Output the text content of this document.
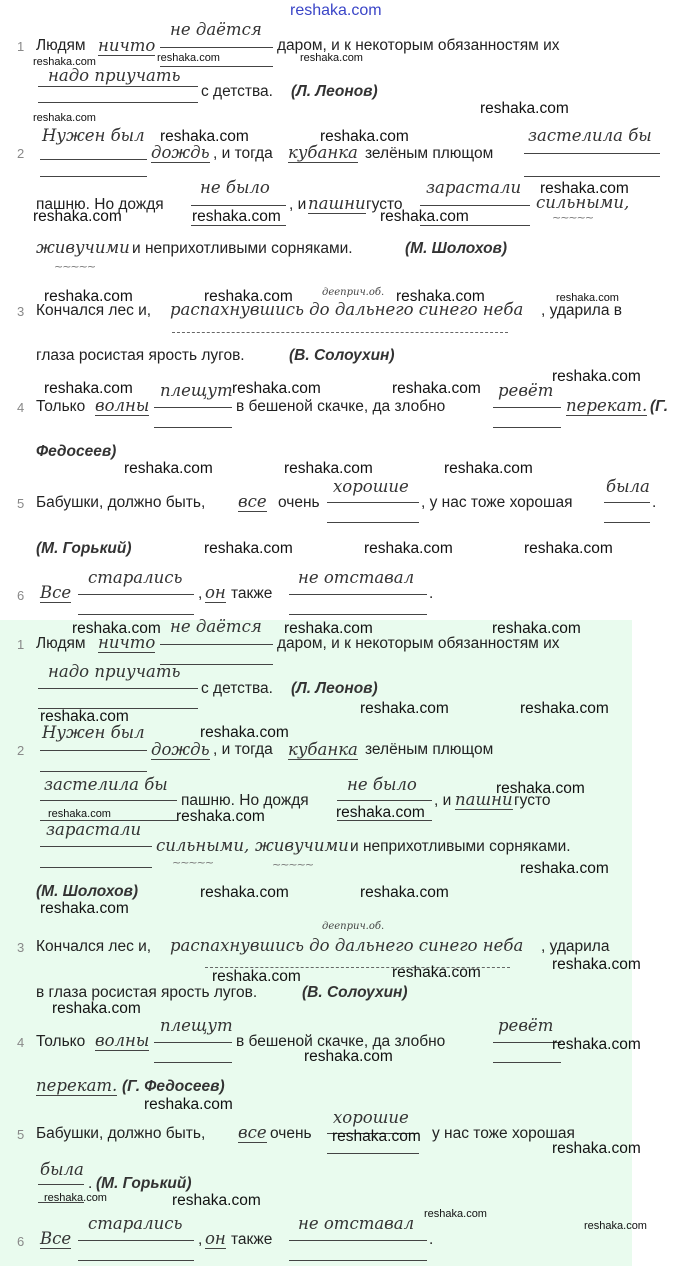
reshaka.com
1 Людям ничто
не даётся
даром, и к некоторым обязанностям их
надо приучать
с детства. (Л. Леонов)
2
Нужен был
дождь , и тогда кубанка зелёным плющом
застелила бы
пашню. Но дождя
не было
, и пашни густо
зарастали
сильными,
~~~~~
живучими
~~~~~
и неприхотливыми сорняками.	(М. Шолохов)
дееприч.об.
3 Кончался лес и, распахнувшись до дальнего синего неба , ударила в
глаза росистая ярость лугов.	(В. Солоухин)
4 Только волны
плещут
в бешеной скачке, да злобно
ревёт
перекат. (Г.
Федосеев)
5 Бабушки, должно быть, все очень
хорошие
, у нас тоже хорошая
была
.
(М. Горький)
6 Все
старались
, он также
не отставал
.
1 Людям ничто
не даётся
даром, и к некоторым обязанностям их
надо приучать
с детства. (Л. Леонов)
2
Нужен был
дождь , и тогда кубанка зелёным плющом
застелила бы
пашню. Но дождя
не было
, и пашни густо
зарастали
сильными,
~~~~~
живучими
~~~~~
и неприхотливыми сорняками.
(М. Шолохов)
дееприч.об.
3 Кончался лес и, распахнувшись до дальнего синего неба , ударила
в глаза росистая ярость лугов.	(В. Солоухин)
4 Только волны
плещут
в бешеной скачке, да злобно
ревёт
перекат. (Г. Федосеев)
5 Бабушки, должно быть, все очень
хорошие
у нас тоже хорошая
была
. (М. Горький)
6 Все
старались
, он также
не отставал
.
reshaka.com	reshaka.com	reshaka.com
reshaka.com
reshaka.com
reshaka.com	reshaka.com
reshaka.com
reshaka.com	reshaka.com	reshaka.com
reshaka.com	reshaka.com	reshaka.com	reshaka.com
reshaka.com
reshaka.com	reshaka.com	reshaka.com
reshaka.com	reshaka.com	reshaka.com
reshaka.com	reshaka.com	reshaka.com
reshaka.com	reshaka.com	reshaka.com
reshaka.com	reshaka.com
reshaka.com
reshaka.com
reshaka.com
reshaka.com	reshaka.com	reshaka.com
reshaka.com
reshaka.com	reshaka.com
reshaka.com
reshaka.com
reshaka.com
reshaka.com
reshaka.com
reshaka.com
reshaka.com
reshaka.com
reshaka.com
reshaka.com
reshaka.com	reshaka.com
reshaka.com
reshaka.com
